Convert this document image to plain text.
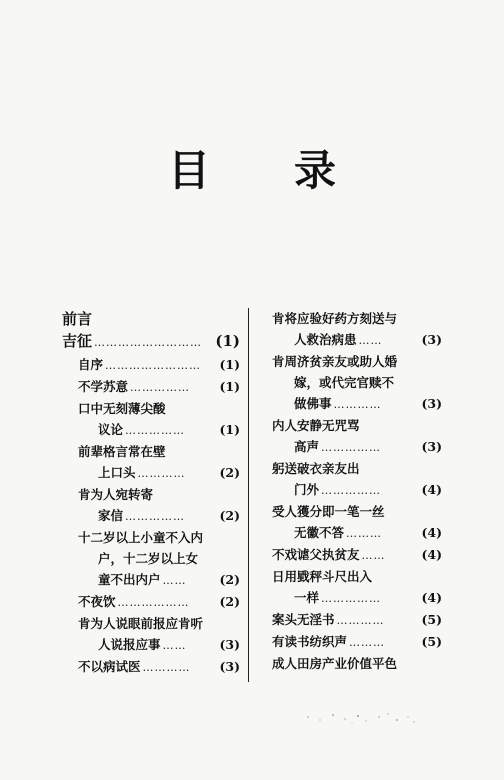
目 录
前言
吉征 ……………………… (1)
自序 ……………………	(1)
不学苏意 ……………	(1)
口中无刻薄尖酸
议论 ……………	(1)
前辈格言常在壁
上口头 …………	(2)
肯为人宛转寄
家信 ……………	(2)
十二岁以上小童不入内
户，十二岁以上女
童不出内户 ……	(2)
不夜饮 ………………	(2)
肯为人说眼前报应肯听
人说报应事 ……	(3)
不以病试医 …………	(3)
肯将应验好药方刻送与
人救治病患 ……	(3)
肯周济贫亲友或助人婚
嫁，或代完官赎不
做佛事 …………	(3)
内人安静无咒骂
高声 ……………	(3)
躬送破衣亲友出
门外 ……………	(4)
受人獲分即一笔一丝
无徽不答 ………	(4)
不戏谑父执贫友 ……	(4)
日用戥秤斗尺出入
一样 ……………	(4)
案头无淫书 …………	(5)
有读书纺织声 ………	(5)
成人田房产业价值平色
